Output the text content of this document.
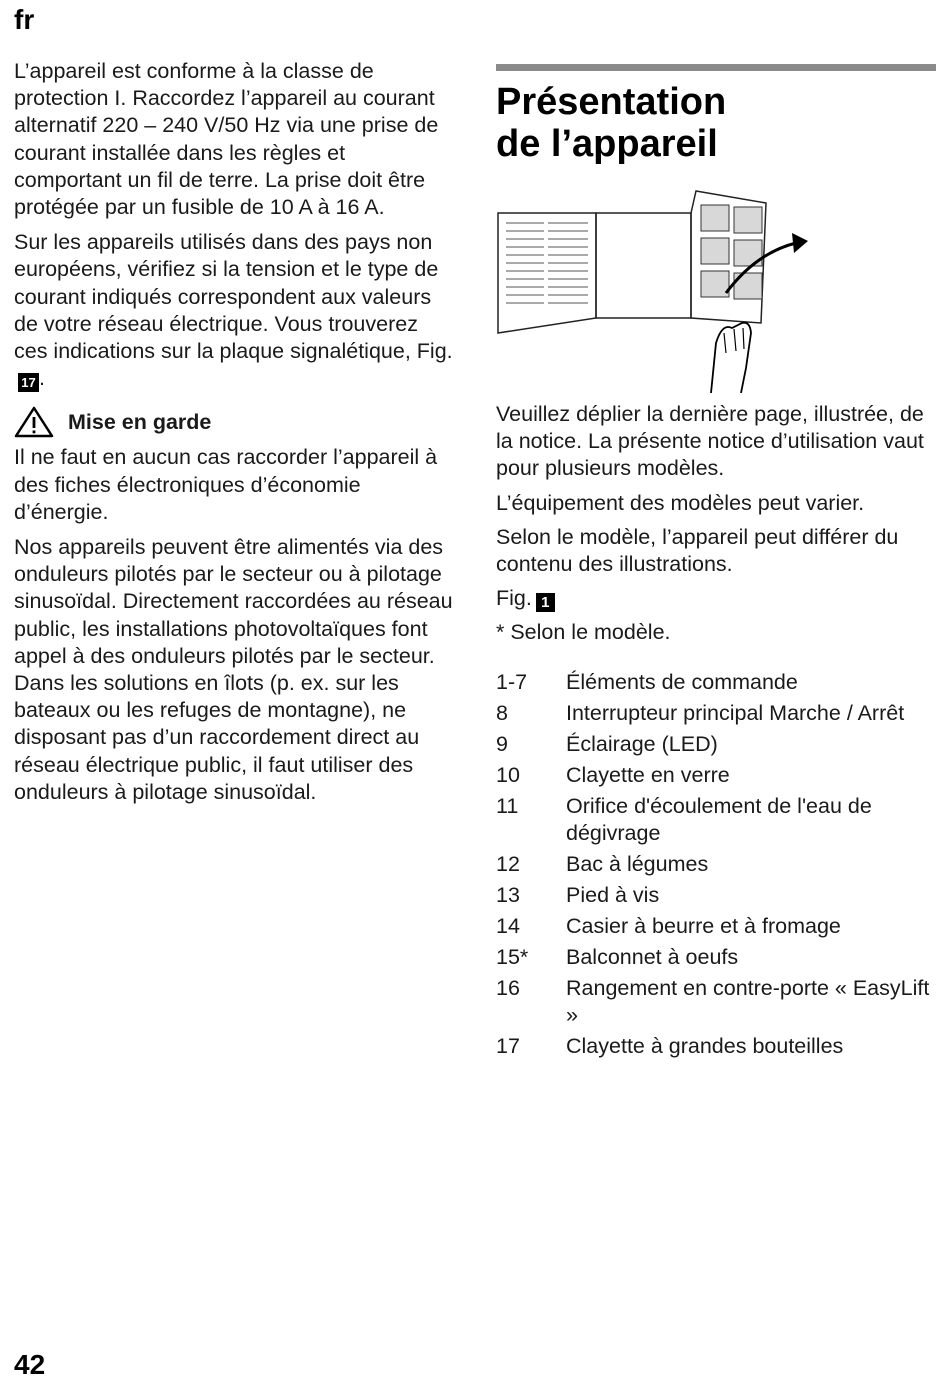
fr

L’appareil est conforme à la classe de protection I. Raccordez l’appareil au courant alternatif 220 – 240 V/50 Hz via une prise de courant installée dans les règles et comportant un fil de terre. La prise doit être protégée par un fusible de 10 A à 16 A.

Sur les appareils utilisés dans des pays non européens, vérifiez si la tension et le type de courant indiqués correspondent aux valeurs de votre réseau électrique. Vous trouverez ces indications sur la plaque signalétique, Fig.17 .

Mise en garde

Il ne faut en aucun cas raccorder l’appareil à des fiches électroniques d’économie d’énergie.

Nos appareils peuvent être alimentés via des onduleurs pilotés par le secteur ou à pilotage sinusoïdal. Directement raccordées au réseau public, les installations photovoltaïques font appel à des onduleurs pilotés par le secteur. Dans les solutions en îlots (p. ex. sur les bateaux ou les refuges de montagne), ne disposant pas d’un raccordement direct au réseau électrique public, il faut utiliser des onduleurs à pilotage sinusoïdal.

Présentation
de l’appareil

Veuillez déplier la dernière page, illustrée, de la notice. La présente notice d’utilisation vaut pour plusieurs modèles.

L’équipement des modèles peut varier.

Selon le modèle, l’appareil peut différer du contenu des illustrations.

Fig. 1

* Selon le modèle.

1-7	Éléments de commande
8	Interrupteur principal Marche / Arrêt
9	Éclairage (LED)
10	Clayette en verre
11	Orifice d'écoulement de l'eau de dégivrage
12	Bac à légumes
13	Pied à vis
14	Casier à beurre et à fromage
15*	Balconnet à oeufs
16	Rangement en contre-porte « EasyLift »
17	Clayette à grandes bouteilles
42
